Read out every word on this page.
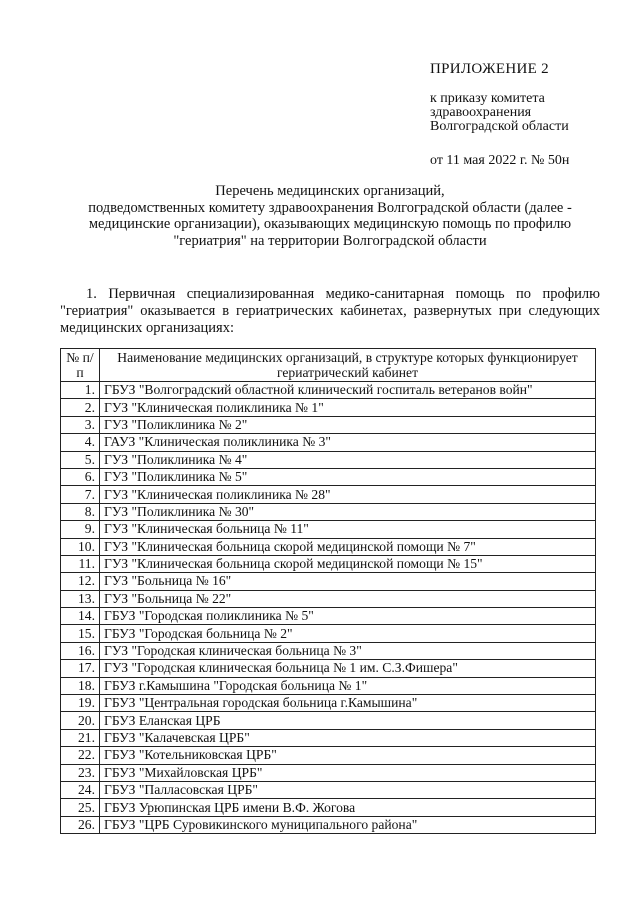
ПРИЛОЖЕНИЕ 2
к приказу комитета
здравоохранения
Волгоградской области
от 11 мая 2022 г. № 50н
Перечень медицинских организаций,
подведомственных комитету здравоохранения Волгоградской области (далее -
медицинские организации), оказывающих медицинскую помощь по профилю
"гериатрия" на территории Волгоградской области
1. Первичная специализированная медико-санитарная помощь по профилю "гериатрия" оказывается в гериатрических кабинетах, развернутых при следующих медицинских организациях:
№ п/п	Наименование медицинских организаций, в структуре которых функционирует гериатрический кабинет
1.	ГБУЗ "Волгоградский областной клинический госпиталь ветеранов войн"
2.	ГУЗ "Клиническая поликлиника № 1"
3.	ГУЗ "Поликлиника № 2"
4.	ГАУЗ "Клиническая поликлиника № 3"
5.	ГУЗ "Поликлиника № 4"
6.	ГУЗ "Поликлиника № 5"
7.	ГУЗ "Клиническая поликлиника № 28"
8.	ГУЗ "Поликлиника № 30"
9.	ГУЗ "Клиническая больница № 11"
10.	ГУЗ "Клиническая больница скорой медицинской помощи № 7"
11.	ГУЗ "Клиническая больница скорой медицинской помощи № 15"
12.	ГУЗ "Больница № 16"
13.	ГУЗ "Больница № 22"
14.	ГБУЗ "Городская поликлиника № 5"
15.	ГБУЗ "Городская больница № 2"
16.	ГУЗ "Городская клиническая больница № 3"
17.	ГУЗ "Городская клиническая больница № 1 им. С.З.Фишера"
18.	ГБУЗ г.Камышина "Городская больница № 1"
19.	ГБУЗ "Центральная городская больница г.Камышина"
20.	ГБУЗ Еланская ЦРБ
21.	ГБУЗ "Калачевская ЦРБ"
22.	ГБУЗ "Котельниковская ЦРБ"
23.	ГБУЗ "Михайловская ЦРБ"
24.	ГБУЗ "Палласовская ЦРБ"
25.	ГБУЗ Урюпинская ЦРБ имени В.Ф. Жогова
26.	ГБУЗ "ЦРБ Суровикинского муниципального района"
